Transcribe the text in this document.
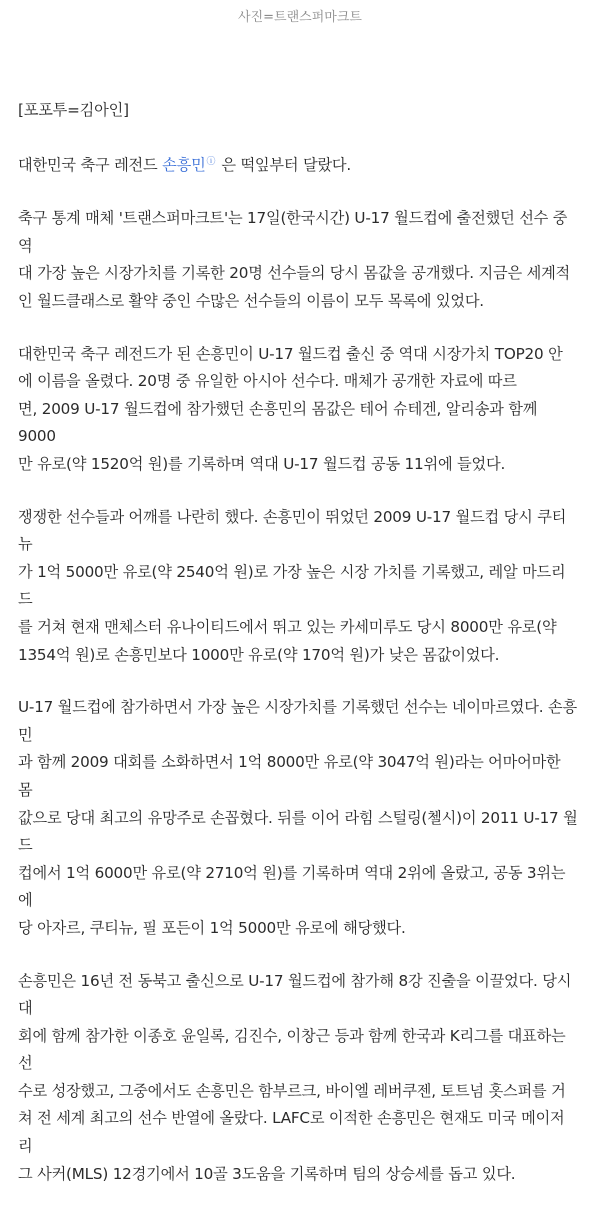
사진=트랜스퍼마크트

[포포투=김아인]

대한민국 축구 레전드 손흥민ⓘ 은 떡잎부터 달랐다.

축구 통계 매체 '트랜스퍼마크트'는 17일(한국시간) U-17 월드컵에 출전했던 선수 중 역
대 가장 높은 시장가치를 기록한 20명 선수들의 당시 몸값을 공개했다. 지금은 세계적
인 월드클래스로 활약 중인 수많은 선수들의 이름이 모두 목록에 있었다.

대한민국 축구 레전드가 된 손흥민이 U-17 월드컵 출신 중 역대 시장가치 TOP20 안
에 이름을 올렸다. 20명 중 유일한 아시아 선수다. 매체가 공개한 자료에 따르
면, 2009 U-17 월드컵에 참가했던 손흥민의 몸값은 테어 슈테겐, 알리송과 함께 9000
만 유로(약 1520억 원)를 기록하며 역대 U-17 월드컵 공동 11위에 들었다.

쟁쟁한 선수들과 어깨를 나란히 했다. 손흥민이 뛰었던 2009 U-17 월드컵 당시 쿠티뉴
가 1억 5000만 유로(약 2540억 원)로 가장 높은 시장 가치를 기록했고, 레알 마드리드
를 거쳐 현재 맨체스터 유나이티드에서 뛰고 있는 카세미루도 당시 8000만 유로(약
1354억 원)로 손흥민보다 1000만 유로(약 170억 원)가 낮은 몸값이었다.

U-17 월드컵에 참가하면서 가장 높은 시장가치를 기록했던 선수는 네이마르였다. 손흥민
과 함께 2009 대회를 소화하면서 1억 8000만 유로(약 3047억 원)라는 어마어마한 몸
값으로 당대 최고의 유망주로 손꼽혔다. 뒤를 이어 라힘 스털링(첼시)이 2011 U-17 월드
컵에서 1억 6000만 유로(약 2710억 원)를 기록하며 역대 2위에 올랐고, 공동 3위는 에
당 아자르, 쿠티뉴, 필 포든이 1억 5000만 유로에 해당했다.

손흥민은 16년 전 동북고 출신으로 U-17 월드컵에 참가해 8강 진출을 이끌었다. 당시 대
회에 함께 참가한 이종호 윤일록, 김진수, 이창근 등과 함께 한국과 K리그를 대표하는 선
수로 성장했고, 그중에서도 손흥민은 함부르크, 바이엘 레버쿠젠, 토트넘 홋스퍼를 거
쳐 전 세계 최고의 선수 반열에 올랐다. LAFC로 이적한 손흥민은 현재도 미국 메이저리
그 사커(MLS) 12경기에서 10골 3도움을 기록하며 팀의 상승세를 돕고 있다.
